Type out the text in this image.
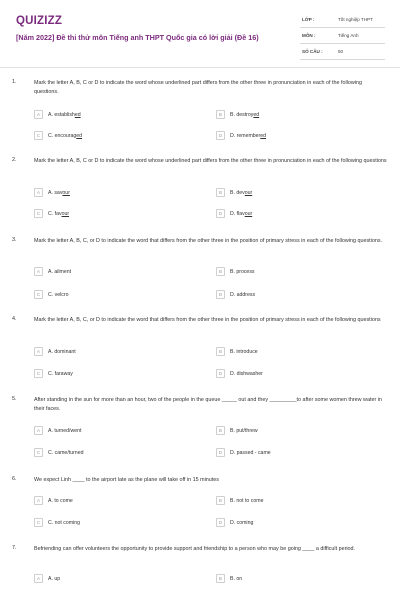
QUIZIZZ
[Năm 2022] Đề thi thử môn Tiếng anh THPT Quốc gia có lời giải (Đề 16)
LỚP :	Tốt nghiệp THPT
MÔN :	Tiếng Anh
SỐ CÂU :	50
1.	Mark the letter A, B, C or D to indicate the word whose underlined part differs from the other three in pronunciation in each of the following questions.
A	A. established	B	B. destroyed
C	C. encouraged	D	D. remembered
2.	Mark the letter A, B, C or D to indicate the word whose underlined part differs from the other three in pronunciation in each of the following questions
A	A. savour	B	B. devour
C	C. favour	D	D. flavour
3.	Mark the letter A, B, C, or D to indicate the word that differs from the other three in the position of primary stress in each of the following questions.
A	A. ailment	B	B. process
C	C. velcro	D	D. address
4.	Mark the letter A, B, C, or D to indicate the word that differs from the other three in the position of primary stress in each of the following questions
A	A. dominant	B	B. introduce
C	C. faraway	D	D. dishwasher
5.	After standing in the sun for more than an hour, two of the people in the queue _____ out and they _________to after some women threw water in their faces.
A	A. turned/went	B	B. put/threw
C	C. came/turned	D	D. passed - came
6.	We expect Linh ____ to the airport late as the plane will take off in 15 minutes
A	A. to come	B	B. not to come
C	C. not coming	D	D. coming
7.	Befriending can offer volunteers the opportunity to provide support and friendship to a person who may be going ____ a difficult period.
A	A. up	B	B. on
